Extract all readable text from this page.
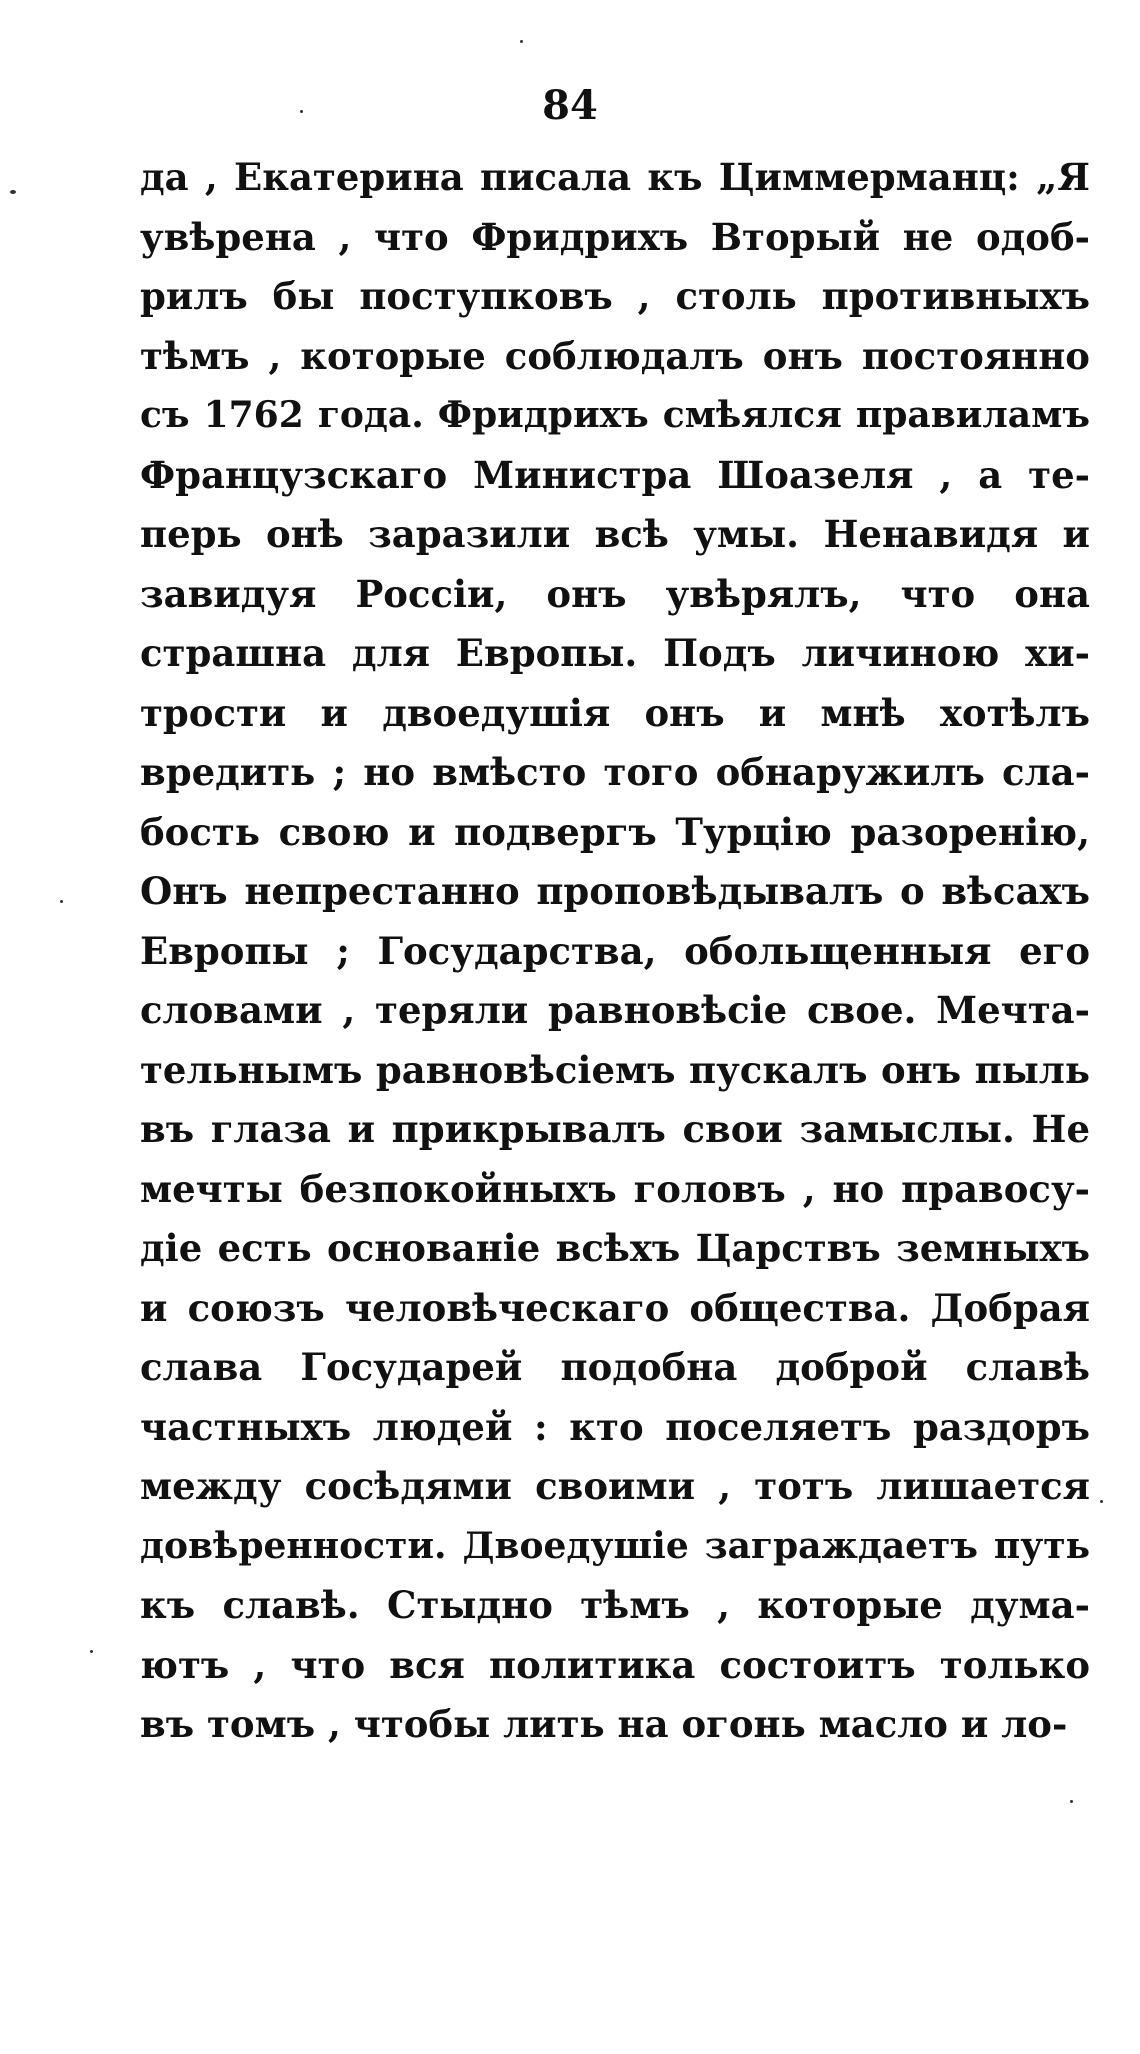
84
да , Екатерина писала къ Циммерманц: „Я
увѣрена , что Фридрихъ Вторый не одоб-
рилъ бы поступковъ , столь противныхъ
тѣмъ , которые соблюдалъ онъ постоянно
съ 1762 года. Фридрихъ смѣялся правиламъ
Французскаго Министра Шоазеля , а те-
перь онѣ заразили всѣ умы. Ненавидя и
завидуя Россіи, онъ увѣрялъ, что она
страшна для Европы. Подъ личиною хи-
трости и двоедушія онъ и мнѣ хотѣлъ
вредить ; но вмѣсто того обнаружилъ сла-
бость свою и подвергъ Турцію разоренію,
Онъ непрестанно проповѣдывалъ о вѣсахъ
Европы ; Государства, обольщенныя его
словами , теряли равновѣсіе свое. Мечта-
тельнымъ равновѣсіемъ пускалъ онъ пыль
въ глаза и прикрывалъ свои замыслы. Не
мечты безпокойныхъ головъ , но правосу-
діе есть основаніе всѣхъ Царствъ земныхъ
и союзъ человѣческаго общества. Добрая
слава Государей подобна доброй славѣ
частныхъ людей : кто поселяетъ раздоръ
между сосѣдями своими , тотъ лишается
довѣренности. Двоедушіе заграждаетъ путь
къ славѣ. Стыдно тѣмъ , которые дума-
ютъ , что вся политика состоитъ только
въ томъ , чтобы лить на огонь масло и ло-
